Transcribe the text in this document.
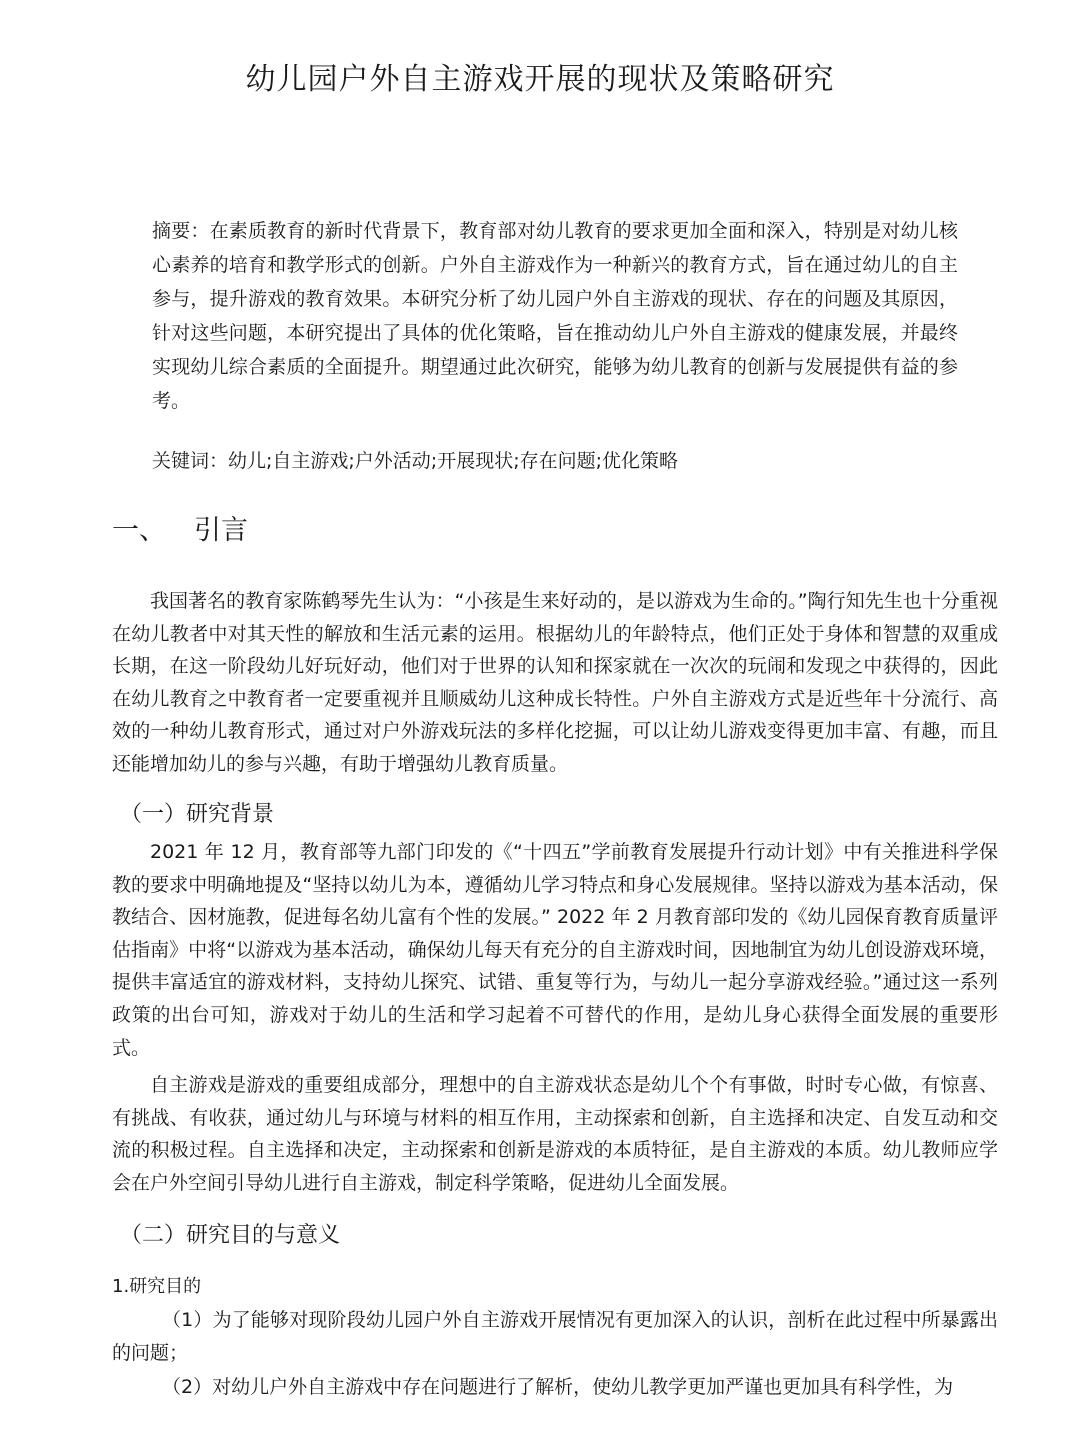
幼儿园户外自主游戏开展的现状及策略研究

摘要：在素质教育的新时代背景下，教育部对幼儿教育的要求更加全面和深入，特别是对幼儿核心素养的培育和教学形式的创新。户外自主游戏作为一种新兴的教育方式，旨在通过幼儿的自主参与，提升游戏的教育效果。本研究分析了幼儿园户外自主游戏的现状、存在的问题及其原因，针对这些问题，本研究提出了具体的优化策略，旨在推动幼儿户外自主游戏的健康发展，并最终实现幼儿综合素质的全面提升。期望通过此次研究，能够为幼儿教育的创新与发展提供有益的参考。

关键词：幼儿;自主游戏;户外活动;开展现状;存在问题;优化策略

一、 引言

我国著名的教育家陈鹤琴先生认为：“小孩是生来好动的，是以游戏为生命的。”陶行知先生也十分重视在幼儿教者中对其天性的解放和生活元素的运用。根据幼儿的年龄特点，他们正处于身体和智慧的双重成长期，在这一阶段幼儿好玩好动，他们对于世界的认知和探家就在一次次的玩闹和发现之中获得的，因此在幼儿教育之中教育者一定要重视并且顺威幼儿这种成长特性。户外自主游戏方式是近些年十分流行、高效的一种幼儿教育形式，通过对户外游戏玩法的多样化挖掘，可以让幼儿游戏变得更加丰富、有趣，而且还能增加幼儿的参与兴趣，有助于增强幼儿教育质量。

（一）研究背景

2021 年 12 月，教育部等九部门印发的《“十四五”学前教育发展提升行动计划》中有关推进科学保教的要求中明确地提及“坚持以幼儿为本，遵循幼儿学习特点和身心发展规律。坚持以游戏为基本活动，保教结合、因材施教，促进每名幼儿富有个性的发展。” 2022 年 2 月教育部印发的《幼儿园保育教育质量评估指南》中将“以游戏为基本活动，确保幼儿每天有充分的自主游戏时间，因地制宜为幼儿创设游戏环境，提供丰富适宜的游戏材料，支持幼儿探究、试错、重复等行为，与幼儿一起分享游戏经验。”通过这一系列政策的出台可知，游戏对于幼儿的生活和学习起着不可替代的作用，是幼儿身心获得全面发展的重要形式。

自主游戏是游戏的重要组成部分，理想中的自主游戏状态是幼儿个个有事做，时时专心做，有惊喜、有挑战、有收获，通过幼儿与环境与材料的相互作用，主动探索和创新，自主选择和决定、自发互动和交流的积极过程。自主选择和决定，主动探索和创新是游戏的本质特征，是自主游戏的本质。幼儿教师应学会在户外空间引导幼儿进行自主游戏，制定科学策略，促进幼儿全面发展。

（二）研究目的与意义
1.研究目的

（1）为了能够对现阶段幼儿园户外自主游戏开展情况有更加深入的认识，剖析在此过程中所暴露出的问题；

（2）对幼儿户外自主游戏中存在问题进行了解析，使幼儿教学更加严谨也更加具有科学性，为
